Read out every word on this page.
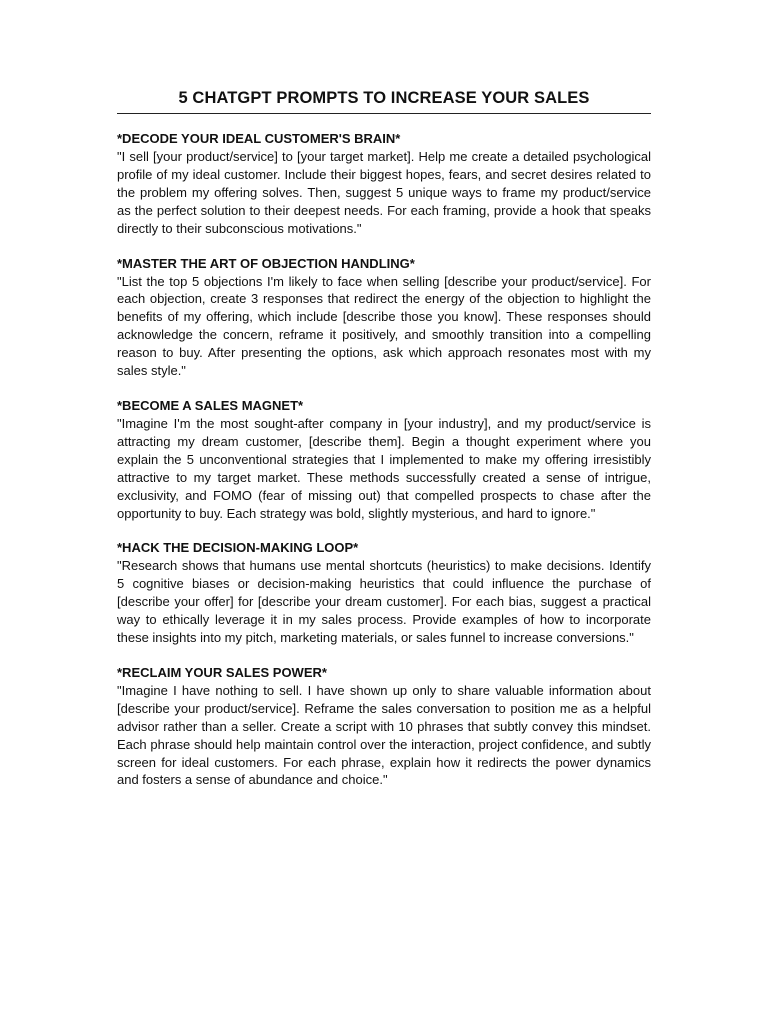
5 CHATGPT PROMPTS TO INCREASE YOUR SALES

*DECODE YOUR IDEAL CUSTOMER'S BRAIN*

"I sell [your product/service] to [your target market]. Help me create a detailed psychological profile of my ideal customer. Include their biggest hopes, fears, and secret desires related to the problem my offering solves. Then, suggest 5 unique ways to frame my product/service as the perfect solution to their deepest needs. For each framing, provide a hook that speaks directly to their subconscious motivations."

*MASTER THE ART OF OBJECTION HANDLING*

"List the top 5 objections I'm likely to face when selling [describe your product/service]. For each objection, create 3 responses that redirect the energy of the objection to highlight the benefits of my offering, which include [describe those you know]. These responses should acknowledge the concern, reframe it positively, and smoothly transition into a compelling reason to buy. After presenting the options, ask which approach resonates most with my sales style."

*BECOME A SALES MAGNET*

"Imagine I'm the most sought-after company in [your industry], and my product/service is attracting my dream customer, [describe them]. Begin a thought experiment where you explain the 5 unconventional strategies that I implemented to make my offering irresistibly attractive to my target market. These methods successfully created a sense of intrigue, exclusivity, and FOMO (fear of missing out) that compelled prospects to chase after the opportunity to buy. Each strategy was bold, slightly mysterious, and hard to ignore."

*HACK THE DECISION-MAKING LOOP*

"Research shows that humans use mental shortcuts (heuristics) to make decisions. Identify 5 cognitive biases or decision-making heuristics that could influence the purchase of [describe your offer] for [describe your dream customer]. For each bias, suggest a practical way to ethically leverage it in my sales process. Provide examples of how to incorporate these insights into my pitch, marketing materials, or sales funnel to increase conversions."

*RECLAIM YOUR SALES POWER*

"Imagine I have nothing to sell. I have shown up only to share valuable information about [describe your product/service]. Reframe the sales conversation to position me as a helpful advisor rather than a seller. Create a script with 10 phrases that subtly convey this mindset. Each phrase should help maintain control over the interaction, project confidence, and subtly screen for ideal customers. For each phrase, explain how it redirects the power dynamics and fosters a sense of abundance and choice."
